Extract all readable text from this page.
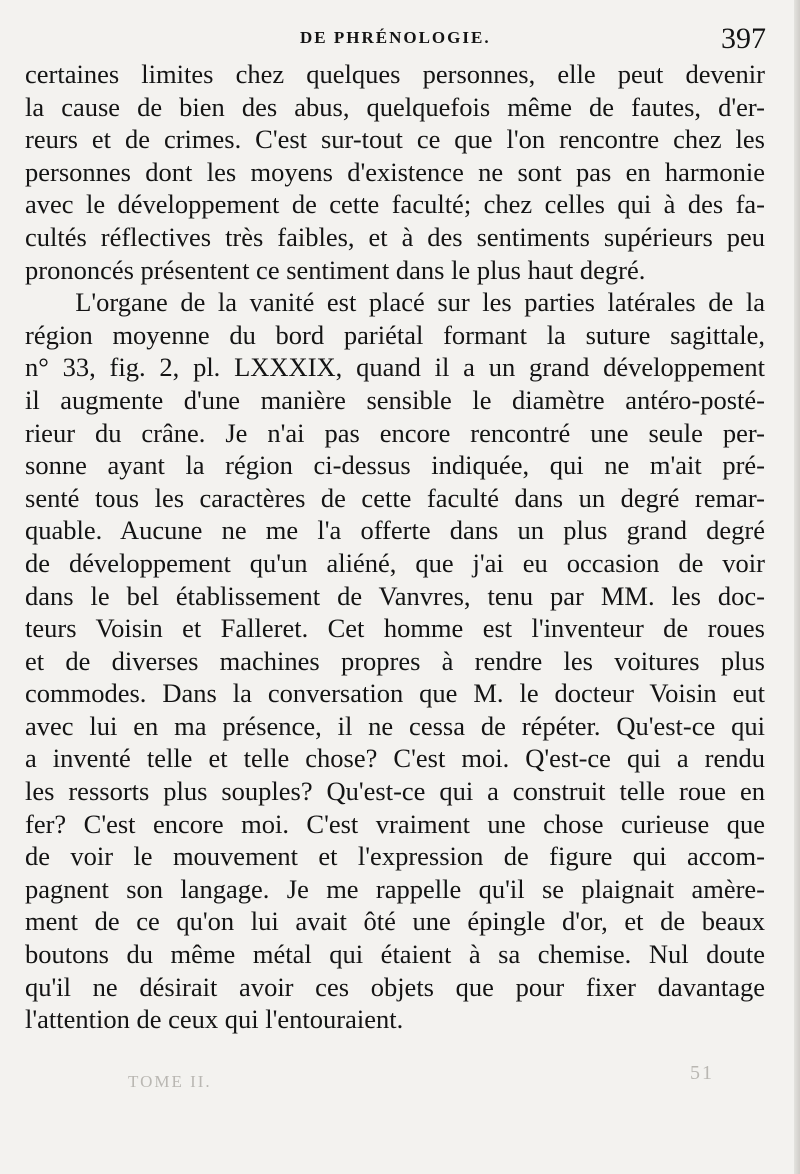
DE PHRÉNOLOGIE.	397

certaines limites chez quelques personnes, elle peut devenir

la cause de bien des abus, quelquefois même de fautes, d'er-

reurs et de crimes. C'est sur-tout ce que l'on rencontre chez les

personnes dont les moyens d'existence ne sont pas en harmonie

avec le développement de cette faculté; chez celles qui à des fa-

cultés réflectives très faibles, et à des sentiments supérieurs peu

prononcés présentent ce sentiment dans le plus haut degré.

L'organe de la vanité est placé sur les parties latérales de la

région moyenne du bord pariétal formant la suture sagittale,

n° 33, fig. 2, pl. LXXXIX, quand il a un grand développement

il augmente d'une manière sensible le diamètre antéro-posté-

rieur du crâne. Je n'ai pas encore rencontré une seule per-

sonne ayant la région ci-dessus indiquée, qui ne m'ait pré-

senté tous les caractères de cette faculté dans un degré remar-

quable. Aucune ne me l'a offerte dans un plus grand degré

de développement qu'un aliéné, que j'ai eu occasion de voir

dans le bel établissement de Vanvres, tenu par MM. les doc-

teurs Voisin et Falleret. Cet homme est l'inventeur de roues

et de diverses machines propres à rendre les voitures plus

commodes. Dans la conversation que M. le docteur Voisin eut

avec lui en ma présence, il ne cessa de répéter. Qu'est-ce qui

a inventé telle et telle chose? C'est moi. Q'est-ce qui a rendu

les ressorts plus souples? Qu'est-ce qui a construit telle roue en

fer? C'est encore moi. C'est vraiment une chose curieuse que

de voir le mouvement et l'expression de figure qui accom-

pagnent son langage. Je me rappelle qu'il se plaignait amère-

ment de ce qu'on lui avait ôté une épingle d'or, et de beaux

boutons du même métal qui étaient à sa chemise. Nul doute

qu'il ne désirait avoir ces objets que pour fixer davantage

l'attention de ceux qui l'entouraient.

TOME II.	51
